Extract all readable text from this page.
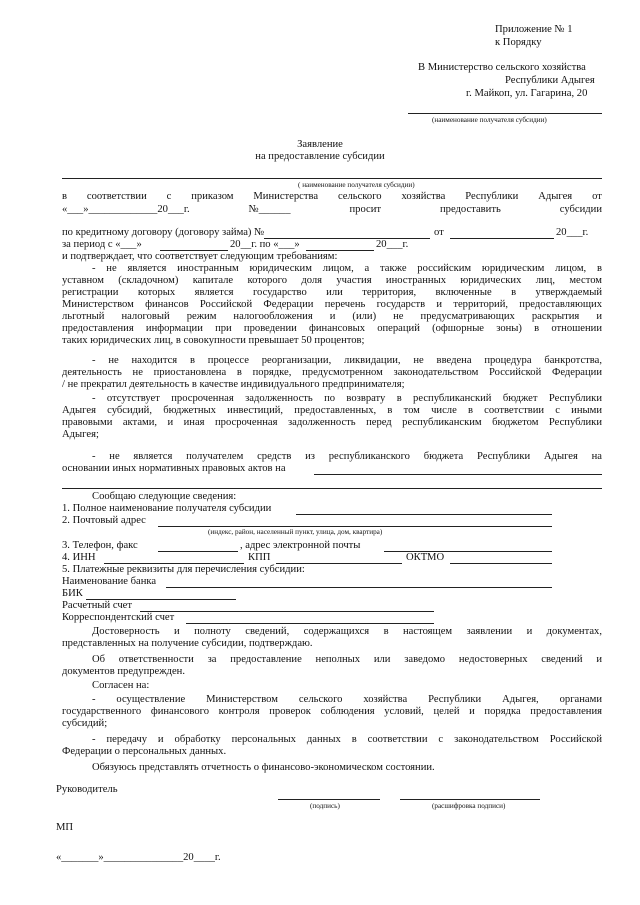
Приложение № 1
к Порядку
В Министерство сельского хозяйства
Республики Адыгея
г. Майкоп, ул. Гагарина, 20
(наименование получателя субсидии)
Заявление
на предоставление субсидии
( наименование получателя субсидии)
в соответствии с приказом Министерства сельского хозяйства Республики Адыгея от
«___»_____________20___г.	№______	просит	предоставить	субсидии
по кредитному договору (договору займа) №	от	20___г.
за период с «___»	20__г. по «___»	20___г.
и подтверждает, что соответствует следующим требованиям:
- не является иностранным юридическим лицом, а также российским юридическим лицом, в
уставном (складочном) капитале которого доля участия иностранных юридических лиц, местом
регистрации которых является государство или территория, включенные в утверждаемый
Министерством финансов Российской Федерации перечень государств и территорий, предоставляющих
льготный налоговый режим налогообложения и (или) не предусматривающих раскрытия и
предоставления информации при проведении финансовых операций (офшорные зоны) в отношении
таких юридических лиц, в совокупности превышает 50 процентов;
- не находится в процессе реорганизации, ликвидации, не введена процедура банкротства,
деятельность не приостановлена в порядке, предусмотренном законодательством Российской Федерации
/ не прекратил деятельность в качестве индивидуального предпринимателя;
- отсутствует просроченная задолженность по возврату в республиканский бюджет Республики
Адыгея субсидий, бюджетных инвестиций, предоставленных, в том числе в соответствии с иными
правовыми актами, и иная просроченная задолженность перед республиканским бюджетом Республики
Адыгея;
- не является получателем средств из республиканского бюджета Республики Адыгея на
основании иных нормативных правовых актов на
Сообщаю следующие сведения:
1. Полное наименование получателя субсидии
2. Почтовый адрес
(индекс, район, населенный пункт, улица, дом, квартира)
3. Телефон, факс	, адрес электронной почты
4. ИНН	КПП	ОКТМО
5. Платежные реквизиты для перечисления субсидии:
Наименование банка
БИК
Расчетный счет
Корреспондентский счет
Достоверность и полноту сведений, содержащихся в настоящем заявлении и документах,
представленных на получение субсидии, подтверждаю.
Об ответственности за предоставление неполных или заведомо недостоверных сведений и
документов предупрежден.
Согласен на:
- осуществление Министерством сельского хозяйства Республики Адыгея, органами
государственного финансового контроля проверок соблюдения условий, целей и порядка предоставления
субсидий;
- передачу и обработку персональных данных в соответствии с законодательством Российской
Федерации о персональных данных.
Обязуюсь представлять отчетность о финансово-экономическом состоянии.
Руководитель
(подпись)	(расшифровка подписи)
МП
«_______»_______________20____г.
